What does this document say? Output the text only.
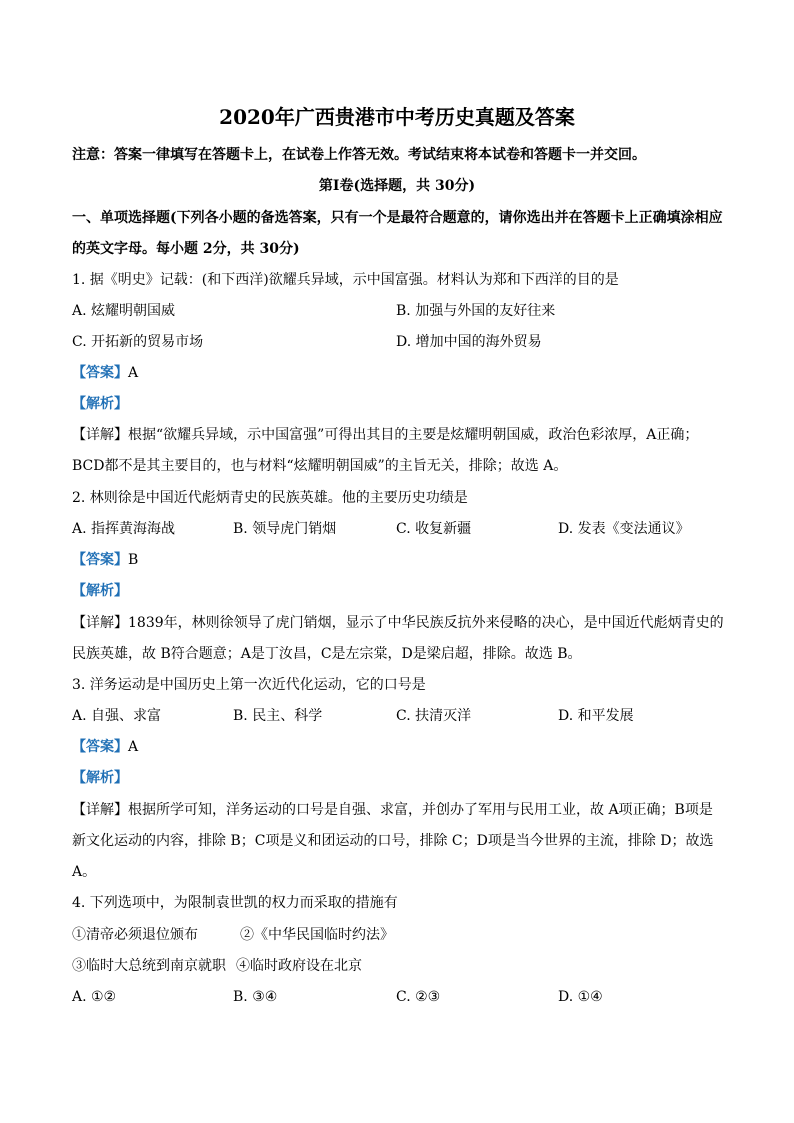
2020年广西贵港市中考历史真题及答案
注意：答案一律填写在答题卡上，在试卷上作答无效。考试结束将本试卷和答题卡一并交回。
第Ⅰ卷(选择题，共 30分)
一、单项选择题(下列各小题的备选答案，只有一个是最符合题意的，请你选出并在答题卡上正确填涂相应
的英文字母。每小题 2分，共 30分)
1. 据《明史》记载：(和下西洋)欲耀兵异域，示中国富强。材料认为郑和下西洋的目的是
A. 炫耀明朝国威	B. 加强与外国的友好往来
C. 开拓新的贸易市场	D. 增加中国的海外贸易
【答案】A
【解析】
【详解】根据“欲耀兵异域，示中国富强”可得出其目的主要是炫耀明朝国威，政治色彩浓厚，A正确；
BCD都不是其主要目的，也与材料“炫耀明朝国威”的主旨无关，排除；故选 A。
2. 林则徐是中国近代彪炳青史的民族英雄。他的主要历史功绩是
A. 指挥黄海海战	B. 领导虎门销烟	C. 收复新疆	D. 发表《变法通议》
【答案】B
【解析】
【详解】1839年，林则徐领导了虎门销烟，显示了中华民族反抗外来侵略的决心，是中国近代彪炳青史的
民族英雄，故 B符合题意；A是丁汝昌，C是左宗棠，D是梁启超，排除。故选 B。
3. 洋务运动是中国历史上第一次近代化运动，它的口号是
A. 自强、求富	B. 民主、科学	C. 扶清灭洋	D. 和平发展
【答案】A
【解析】
【详解】根据所学可知，洋务运动的口号是自强、求富，并创办了军用与民用工业，故 A项正确；B项是
新文化运动的内容，排除 B；C项是义和团运动的口号，排除 C；D项是当今世界的主流，排除 D；故选
A。
4. 下列选项中，为限制袁世凯的权力而采取的措施有
①清帝必须退位颁布	②《中华民国临时约法》
③临时大总统到南京就职 ④临时政府设在北京
A. ①②	B. ③④	C. ②③	D. ①④
